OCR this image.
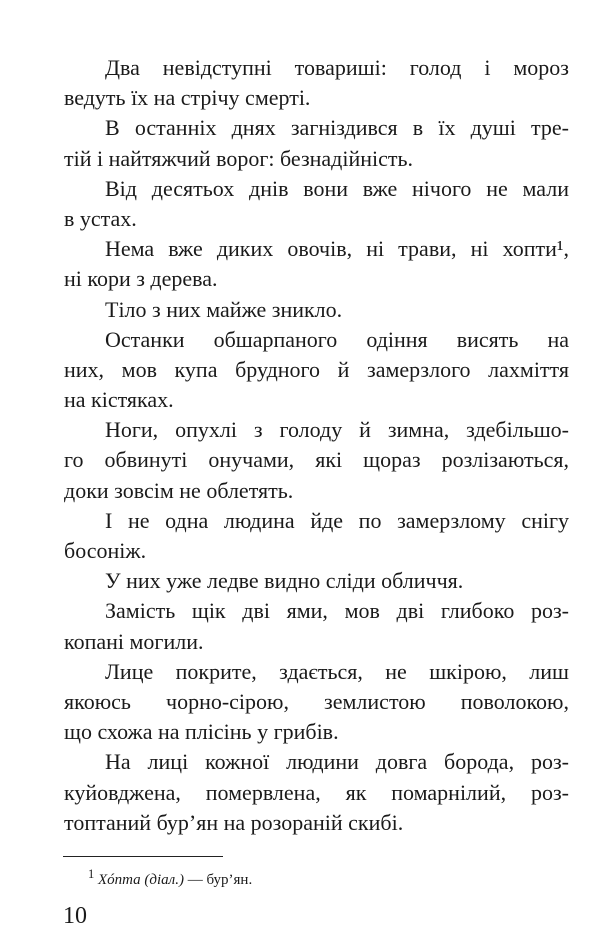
Два невідступні товариші: голод і мороз
ведуть їх на стрічу смерті.
В останніх днях загніздився в їх душі тре-
тій і найтяжчий ворог: безнадійність.
Від десятьох днів вони вже нічого не мали
в устах.
Нема вже диких овочів, ні трави, ні хопти¹,
ні кори з дерева.
Тіло з них майже зникло.
Останки обшарпаного одіння висять на
них, мов купа брудного й замерзлого лахміття
на кістяках.
Ноги, опухлі з голоду й зимна, здебільшо-
го обвинуті онучами, які щораз розлізаються,
доки зовсім не облетять.
І не одна людина йде по замерзлому снігу
босоніж.
У них уже ледве видно сліди обличчя.
Замість щік дві ями, мов дві глибоко роз-
копані могили.
Лице покрите, здається, не шкірою, лиш
якоюсь чорно-сірою, землистою поволокою,
що схожа на плісінь у грибів.
На лиці кожної людини довга борода, роз-
куйовджена, помервлена, як помарнілий, роз-
топтаний бур’ян на розораній скибі.
$^1$ Хóпта (діал.) — бур’ян.
10
